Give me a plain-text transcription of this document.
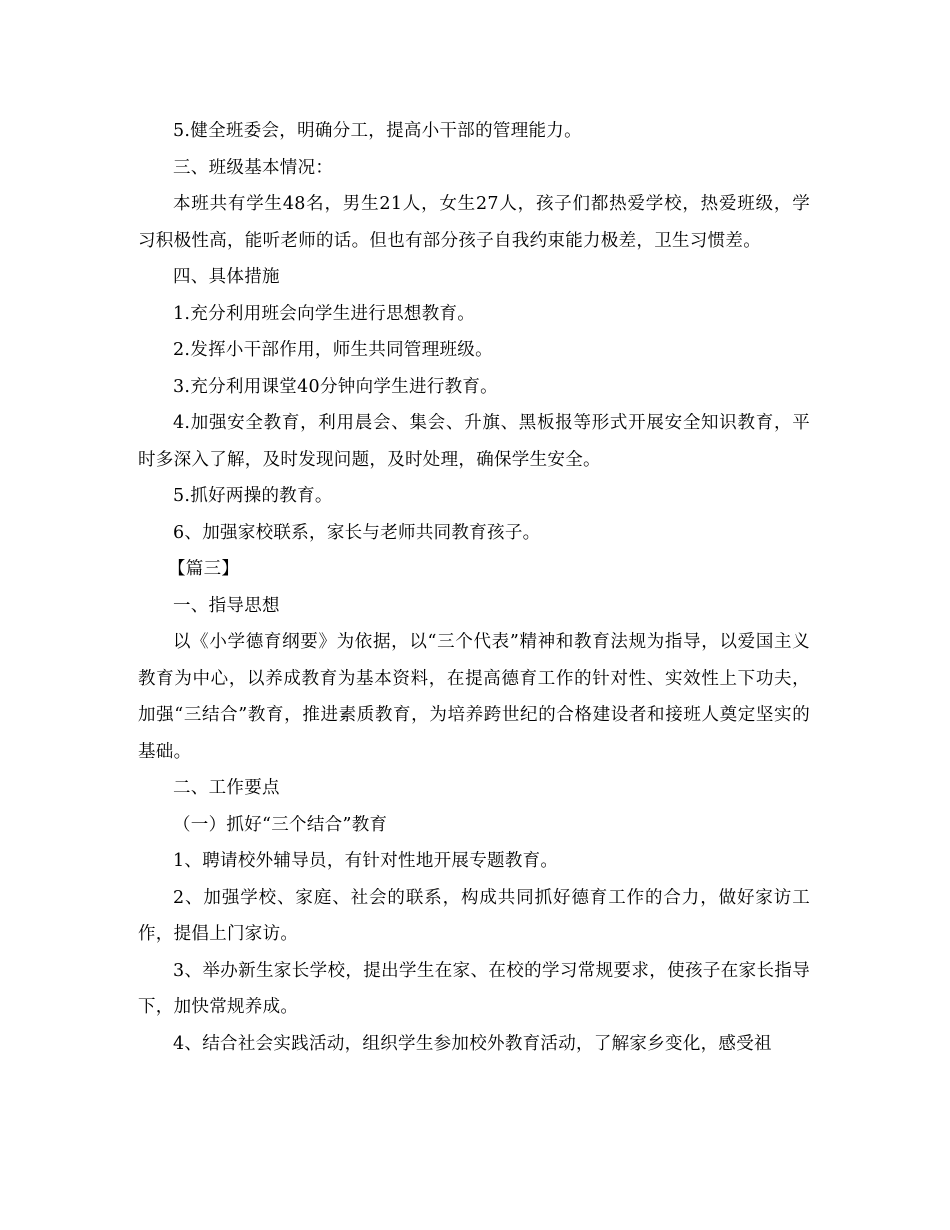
5.健全班委会，明确分工，提高小干部的管理能力。

三、班级基本情况：

本班共有学生48名，男生21人，女生27人，孩子们都热爱学校，热爱班级，学习积极性高，能听老师的话。但也有部分孩子自我约束能力极差，卫生习惯差。

四、具体措施

1.充分利用班会向学生进行思想教育。

2.发挥小干部作用，师生共同管理班级。

3.充分利用课堂40分钟向学生进行教育。

4.加强安全教育，利用晨会、集会、升旗、黑板报等形式开展安全知识教育，平时多深入了解，及时发现问题，及时处理，确保学生安全。

5.抓好两操的教育。

6、加强家校联系，家长与老师共同教育孩子。

【篇三】

一、指导思想

以《小学德育纲要》为依据，以“三个代表”精神和教育法规为指导，以爱国主义教育为中心，以养成教育为基本资料，在提高德育工作的针对性、实效性上下功夫，加强“三结合”教育，推进素质教育，为培养跨世纪的合格建设者和接班人奠定坚实的基础。

二、工作要点

（一）抓好“三个结合”教育

1、聘请校外辅导员，有针对性地开展专题教育。

2、加强学校、家庭、社会的联系，构成共同抓好德育工作的合力，做好家访工作，提倡上门家访。

3、举办新生家长学校，提出学生在家、在校的学习常规要求，使孩子在家长指导下，加快常规养成。

4、结合社会实践活动，组织学生参加校外教育活动，了解家乡变化，感受祖
